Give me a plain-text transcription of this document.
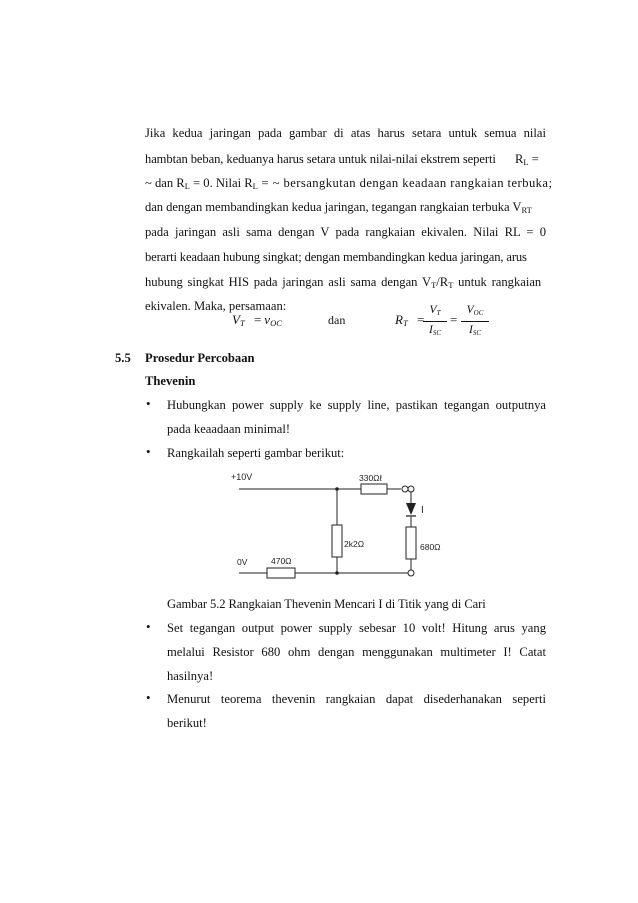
Jika kedua jaringan pada gambar di atas harus setara untuk semua nilai
hambtan beban, keduanya harus setara untuk nilai-nilai ekstrem seperti $R_L$ =
~ dan $R_L = 0$. Nilai $R_L$ = ~ bersangkutan dengan keadaan rangkaian terbuka;
dan dengan membandingkan kedua jaringan, tegangan rangkaian terbuka $V_{RT}$
pada jaringan asli sama dengan V pada rangkaian ekivalen. Nilai RL = 0
berarti keadaan hubung singkat; dengan membandingkan kedua jaringan, arus
hubung singkat HIS pada jaringan asli sama dengan $V_T/R_T$ untuk rangkaian
ekivalen. Maka, persamaan:
$V_T = v_{OC}$	dan	$R_T$ =
$V_T$
$I_{SC}$
=
$V_{OC}$
$I_{SC}$
5.5 Prosedur Percobaan
Thevenin
• Hubungkan power supply ke supply line, pastikan tegangan outputnya
pada keaadaan minimal!
• Rangkailah seperti gambar berikut:
+10V	330Ωℓ
I
2k2Ω	680Ω
0V	470Ω
Gambar 5.2 Rangkaian Thevenin Mencari I di Titik yang di Cari
• Set tegangan output power supply sebesar 10 volt! Hitung arus yang
melalui Resistor 680 ohm dengan menggunakan multimeter I! Catat
hasilnya!
• Menurut teorema thevenin rangkaian dapat disederhanakan seperti
berikut!
